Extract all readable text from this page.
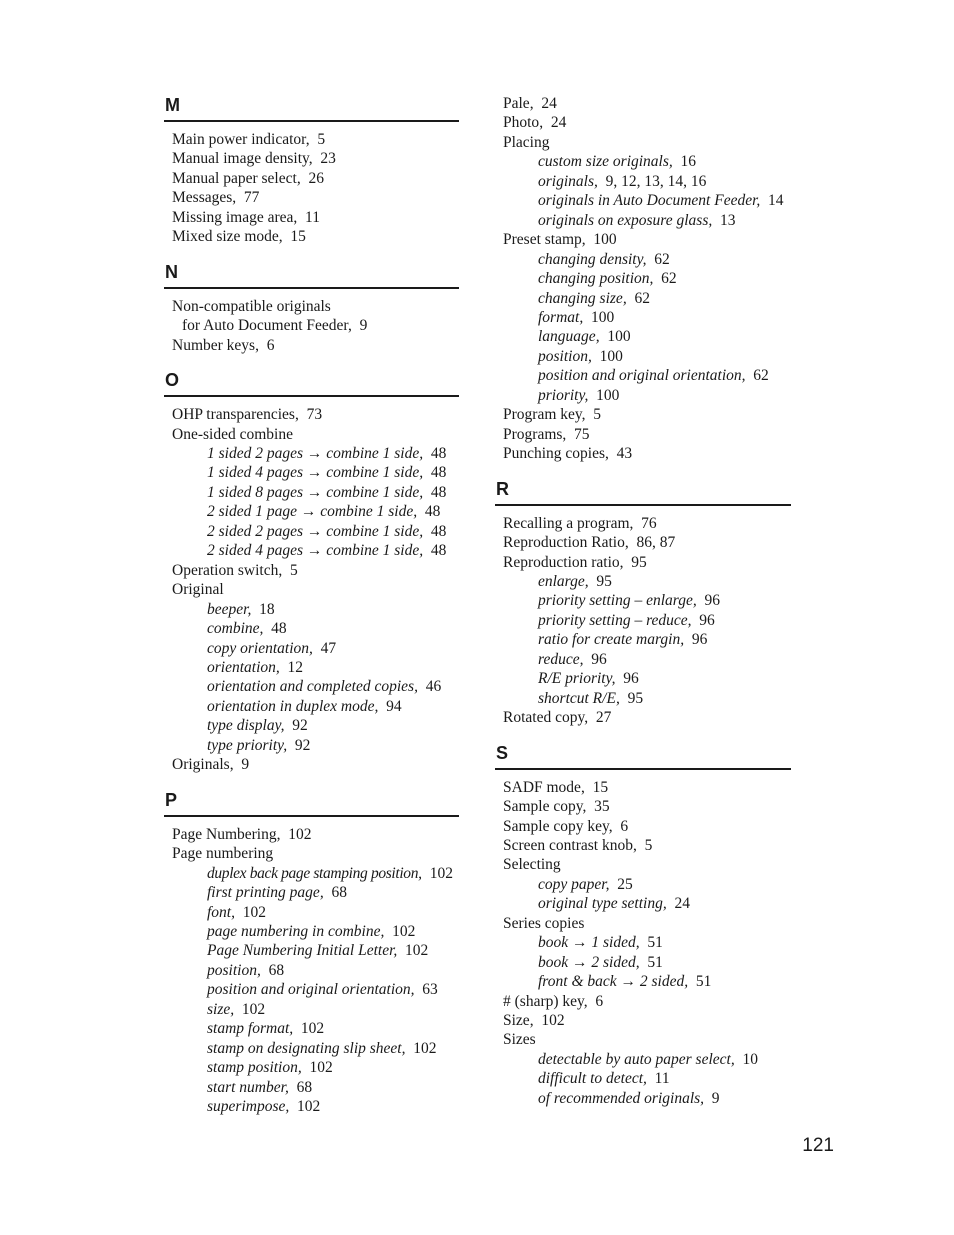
M
Main power indicator,  5
Manual image density,  23
Manual paper select,  26
Messages,  77
Missing image area,  11
Mixed size mode,  15
N
Non-compatible originals
for Auto Document Feeder,  9
Number keys,  6
O
OHP transparencies,  73
One-sided combine
1 sided 2 pages → combine 1 side,  48
1 sided 4 pages → combine 1 side,  48
1 sided 8 pages → combine 1 side,  48
2 sided 1 page → combine 1 side,  48
2 sided 2 pages → combine 1 side,  48
2 sided 4 pages → combine 1 side,  48
Operation switch,  5
Original
beeper,  18
combine,  48
copy orientation,  47
orientation,  12
orientation and completed copies,  46
orientation in duplex mode,  94
type display,  92
type priority,  92
Originals,  9
P
Page Numbering,  102
Page numbering
duplex back page stamping position,  102
first printing page,  68
font,  102
page numbering in combine,  102
Page Numbering Initial Letter,  102
position,  68
position and original orientation,  63
size,  102
stamp format,  102
stamp on designating slip sheet,  102
stamp position,  102
start number,  68
superimpose,  102
Pale,  24
Photo,  24
Placing
custom size originals,  16
originals,  9, 12, 13, 14, 16
originals in Auto Document Feeder,  14
originals on exposure glass,  13
Preset stamp,  100
changing density,  62
changing position,  62
changing size,  62
format,  100
language,  100
position,  100
position and original orientation,  62
priority,  100
Program key,  5
Programs,  75
Punching copies,  43
R
Recalling a program,  76
Reproduction Ratio,  86, 87
Reproduction ratio,  95
enlarge,  95
priority setting – enlarge,  96
priority setting – reduce,  96
ratio for create margin,  96
reduce,  96
R/E priority,  96
shortcut R/E,  95
Rotated copy,  27
S
SADF mode,  15
Sample copy,  35
Sample copy key,  6
Screen contrast knob,  5
Selecting
copy paper,  25
original type setting,  24
Series copies
book → 1 sided,  51
book → 2 sided,  51
front & back → 2 sided,  51
# (sharp) key,  6
Size,  102
Sizes
detectable by auto paper select,  10
difficult to detect,  11
of recommended originals,  9
121
